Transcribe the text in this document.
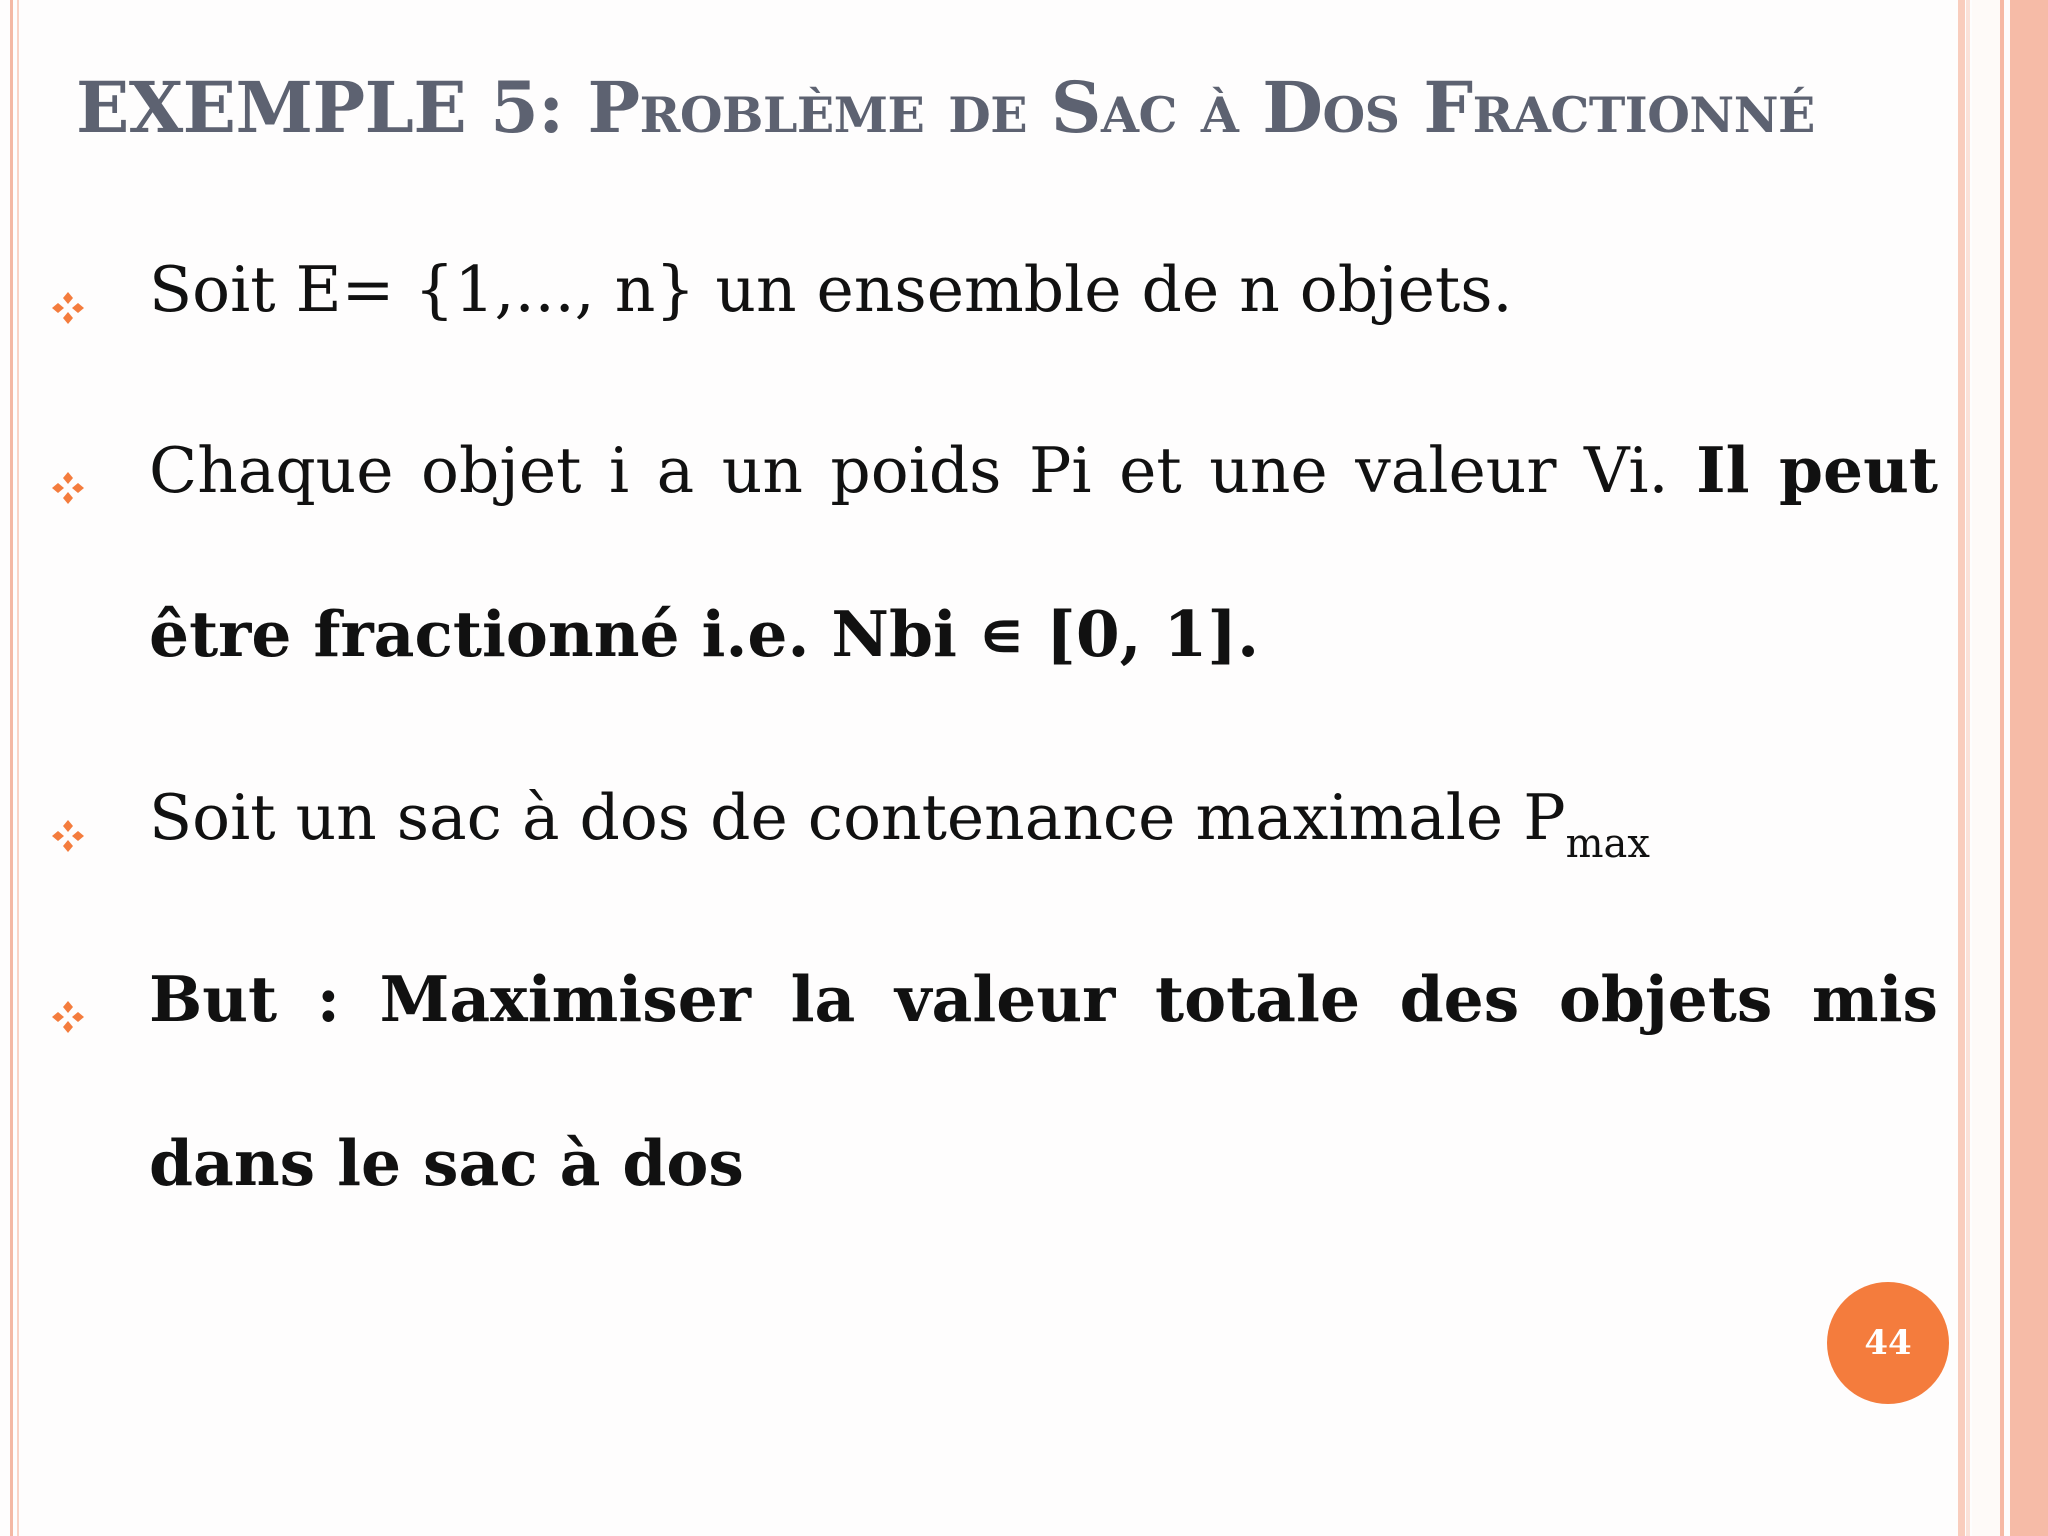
EXEMPLE 5: Problème de Sac à Dos Fractionné
Soit E= {1,..., n} un ensemble de n objets.
Chaque objet i a un poids Pi et une valeur Vi. Il peut
être fractionné i.e. Nbi ∊ [0, 1].
Soit un sac à dos de contenance maximale $P_{max}$
But : Maximiser la valeur totale des objets mis
dans le sac à dos
44
